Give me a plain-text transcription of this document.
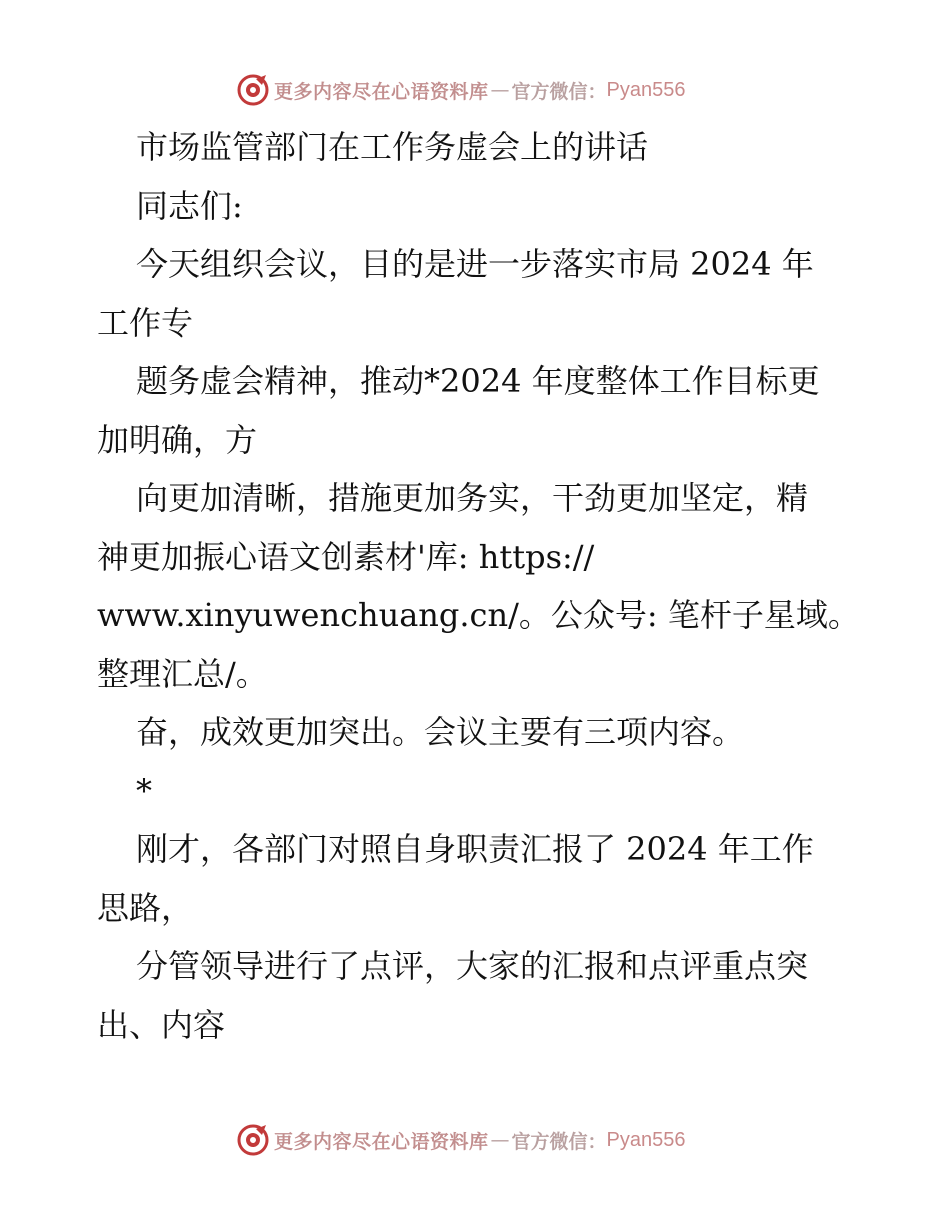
更多内容尽在心语资料库 — 官方微信： Pyan556
市场监管部门在工作务虚会上的讲话
同志们:
今天组织会议，目的是进一步落实市局 2024 年
工作专
题务虚会精神，推动*2024 年度整体工作目标更
加明确，方
向更加清晰，措施更加务实，干劲更加坚定，精
神更加振心语文创素材'库: https://
www.xinyuwenchuang.cn/。公众号: 笔杆子星域。
整理汇总/。
奋，成效更加突出。会议主要有三项内容。
*
刚才，各部门对照自身职责汇报了 2024 年工作
思路，
分管领导进行了点评，大家的汇报和点评重点突
出、内容
更多内容尽在心语资料库 — 官方微信： Pyan556
